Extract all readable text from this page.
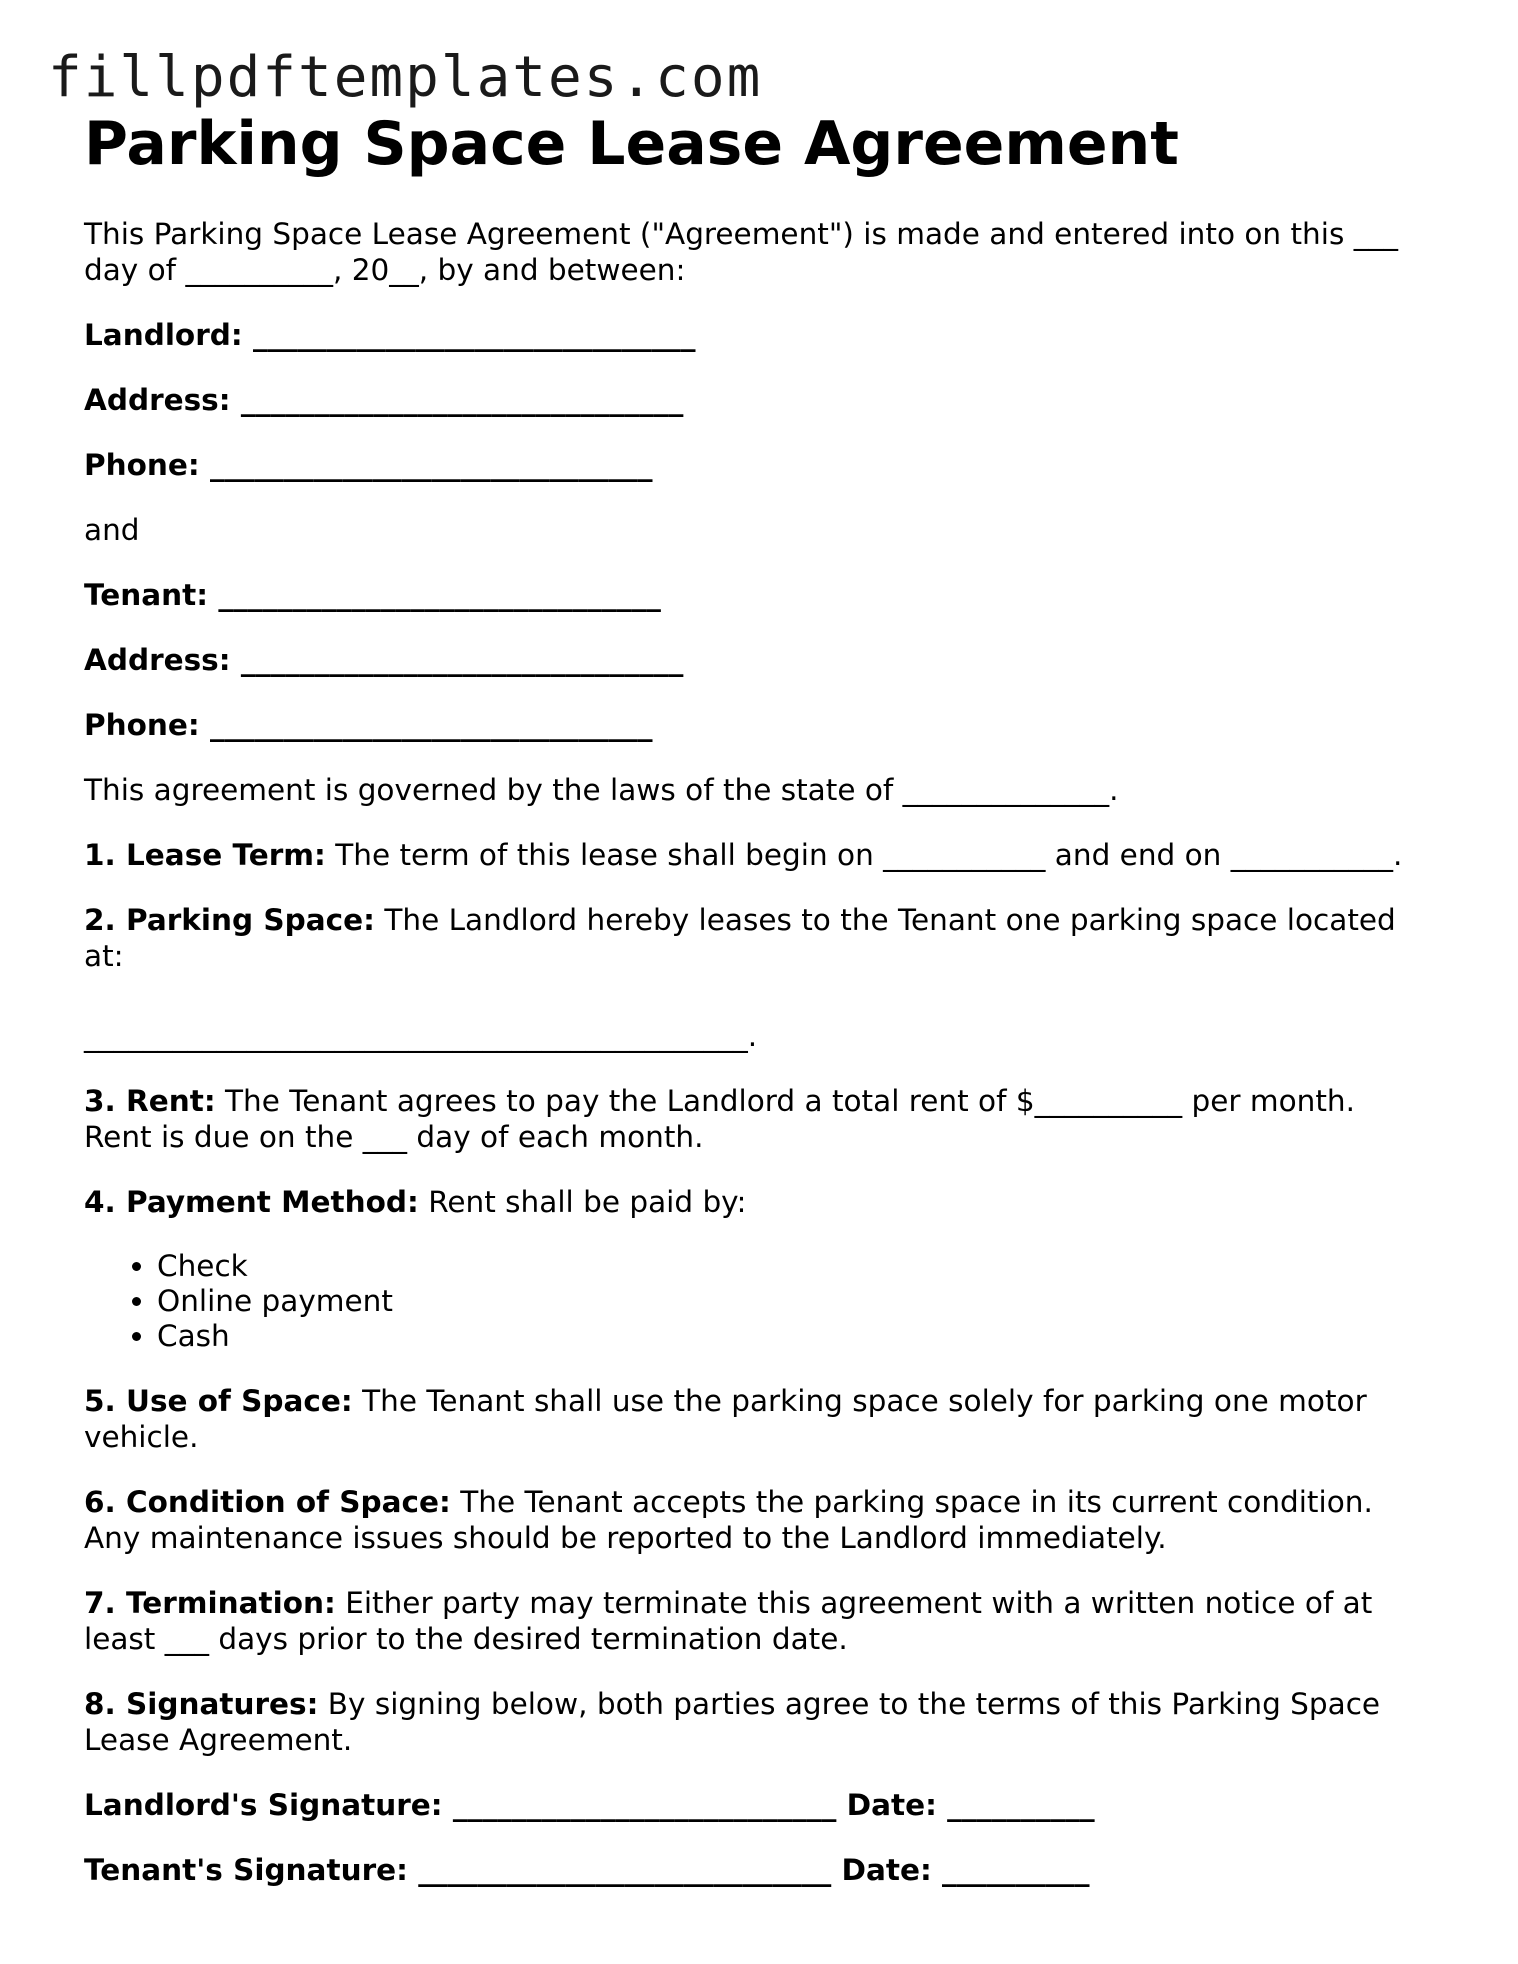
fillpdftemplates.com
Parking Space Lease Agreement

This Parking Space Lease Agreement ("Agreement") is made and entered into on this ___ day of __________, 20__, by and between:

Landlord: ______________________________

Address: ______________________________

Phone: ______________________________

and

Tenant: ______________________________

Address: ______________________________

Phone: ______________________________

This agreement is governed by the laws of the state of ______________.

1. Lease Term: The term of this lease shall begin on ___________ and end on ___________.

2. Parking Space: The Landlord hereby leases to the Tenant one parking space located at:

_____________________________________________.

3. Rent: The Tenant agrees to pay the Landlord a total rent of $__________ per month. Rent is due on the ___ day of each month.

4. Payment Method: Rent shall be paid by:

• Check
• Online payment
• Cash

5. Use of Space: The Tenant shall use the parking space solely for parking one motor vehicle.

6. Condition of Space: The Tenant accepts the parking space in its current condition. Any maintenance issues should be reported to the Landlord immediately.

7. Termination: Either party may terminate this agreement with a written notice of at least ___ days prior to the desired termination date.

8. Signatures: By signing below, both parties agree to the terms of this Parking Space Lease Agreement.

Landlord's Signature: __________________________ Date: __________

Tenant's Signature: ____________________________ Date: __________
